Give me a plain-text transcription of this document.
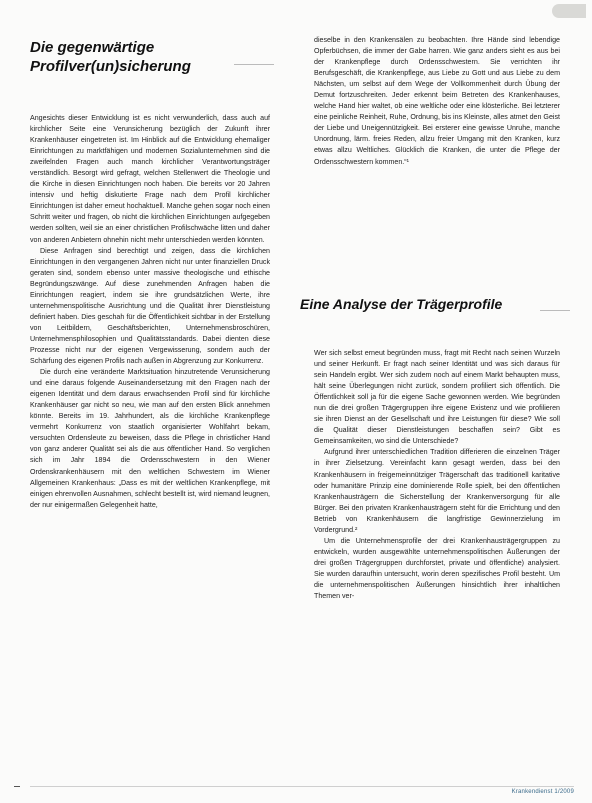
Die gegenwärtige
Profilver(un)sicherung

Angesichts dieser Entwicklung ist es nicht verwunderlich, dass auch auf kirchlicher Seite eine Verunsicherung bezüglich der Zukunft ihrer Krankenhäuser eingetreten ist. Im Hinblick auf die Entwicklung ehemaliger Einrichtungen zu marktfähigen und modernen Sozialunternehmen sind die zweifelnden Fragen auch manch kirchlicher Verantwortungsträger verständlich. Besorgt wird gefragt, welchen Stellenwert die Theologie und die Kirche in diesen Einrichtungen noch haben. Die bereits vor 20 Jahren intensiv und heftig diskutierte Frage nach dem Profil kirchlicher Einrichtungen ist daher erneut hochaktuell. Manche gehen sogar noch einen Schritt weiter und fragen, ob nicht die kirchlichen Einrichtungen aufgegeben werden sollten, weil sie an einer christlichen Profilschwäche litten und daher von anderen Anbietern ohnehin nicht mehr unterschieden werden könnten.

Diese Anfragen sind berechtigt und zeigen, dass die kirchlichen Einrichtungen in den vergangenen Jahren nicht nur unter finanziellen Druck geraten sind, sondern ebenso unter massive theologische und ethische Begründungszwänge. Auf diese zunehmenden Anfragen haben die Einrichtungen reagiert, indem sie ihre grundsätzlichen Werte, ihre unternehmenspolitische Ausrichtung und die Qualität ihrer Dienstleistung definiert haben. Dies geschah für die Öffentlichkeit sichtbar in der Erstellung von Leitbildern, Geschäftsberichten, Unternehmensbroschüren, Unternehmensphilosophien und Qualitätsstandards. Dabei dienten diese Prozesse nicht nur der eigenen Vergewisserung, sondern auch der Schärfung des eigenen Profils nach außen in Abgrenzung zur Konkurrenz.

Die durch eine veränderte Marktsituation hinzutretende Verunsicherung und eine daraus folgende Auseinandersetzung mit den Fragen nach der eigenen Identität und dem daraus erwachsenden Profil sind für kirchliche Krankenhäuser gar nicht so neu, wie man auf den ersten Blick annehmen könnte. Bereits im 19. Jahrhundert, als die kirchliche Krankenpflege vermehrt Konkurrenz von staatlich organisierter Wohlfahrt bekam, versuchten Ordensleute zu beweisen, dass die Pflege in christlicher Hand von ganz anderer Qualität sei als die aus öffentlicher Hand. So verglichen sich im Jahr 1894 die Ordensschwestern in den Wiener Ordenskrankenhäusern mit den weltlichen Schwestern im Wiener Allgemeinen Krankenhaus: „Dass es mit der weltlichen Krankenpflege, mit einigen ehrenvollen Ausnahmen, schlecht bestellt ist, wird niemand leugnen, der nur einigermaßen Gelegenheit hatte,

dieselbe in den Krankensälen zu beobachten. Ihre Hände sind lebendige Opferbüchsen, die immer der Gabe harren. Wie ganz anders sieht es aus bei der Krankenpflege durch Ordensschwestern. Sie verrichten ihr Berufsgeschäft, die Krankenpflege, aus Liebe zu Gott und aus Liebe zu dem Nächsten, um selbst auf dem Wege der Vollkommenheit durch Übung der Demut fortzuschreiten. Jeder erkennt beim Betreten des Krankenhauses, welche Hand hier waltet, ob eine weltliche oder eine klösterliche. Bei letzterer eine peinliche Reinheit, Ruhe, Ordnung, bis ins Kleinste, alles atmet den Geist der Liebe und Uneigennützigkeit. Bei ersterer eine gewisse Unruhe, manche Unordnung, lärm. freies Reden, allzu freier Umgang mit den Kranken, kurz etwas allzu Weltliches. Glücklich die Kranken, die unter die Pflege der Ordensschwestern kommen.“¹

Eine Analyse der Trägerprofile

Wer sich selbst erneut begründen muss, fragt mit Recht nach seinen Wurzeln und seiner Herkunft. Er fragt nach seiner Identität und was sich daraus für sein Handeln ergibt. Wer sich zudem noch auf einem Markt behaupten muss, hält seine Überlegungen nicht zurück, sondern profiliert sich öffentlich. Die Öffentlichkeit soll ja für die eigene Sache gewonnen werden. Wie begründen nun die drei großen Trägergruppen ihre eigene Existenz und wie profilieren sie ihren Dienst an der Gesellschaft und ihre Leistungen für diese? Wie soll die Qualität dieser Dienstleistungen beschaffen sein? Gibt es Gemeinsamkeiten, wo sind die Unterschiede?

Aufgrund ihrer unterschiedlichen Tradition differieren die einzelnen Träger in ihrer Zielsetzung. Vereinfacht kann gesagt werden, dass bei den Krankenhäusern in freigemeinnütziger Trägerschaft das traditionell karitative oder humanitäre Prinzip eine dominierende Rolle spielt, bei den öffentlichen Krankenhausträgern die Sicherstellung der Krankenversorgung für alle Bürger. Bei den privaten Krankenhausträgern steht für die Errichtung und den Betrieb von Krankenhäusern die langfristige Gewinnerzielung im Vordergrund.²

Um die Unternehmensprofile der drei Krankenhausträgergruppen zu entwickeln, wurden ausgewählte unternehmenspolitischen Äußerungen der drei großen Trägergruppen durchforstet, private und öffentliche) analysiert. Sie wurden daraufhin untersucht, worin deren spezifisches Profil besteht. Um die unternehmenspolitischen Äußerungen hinsichtlich ihrer inhaltlichen Themen ver-

Krankendienst 1/2009
